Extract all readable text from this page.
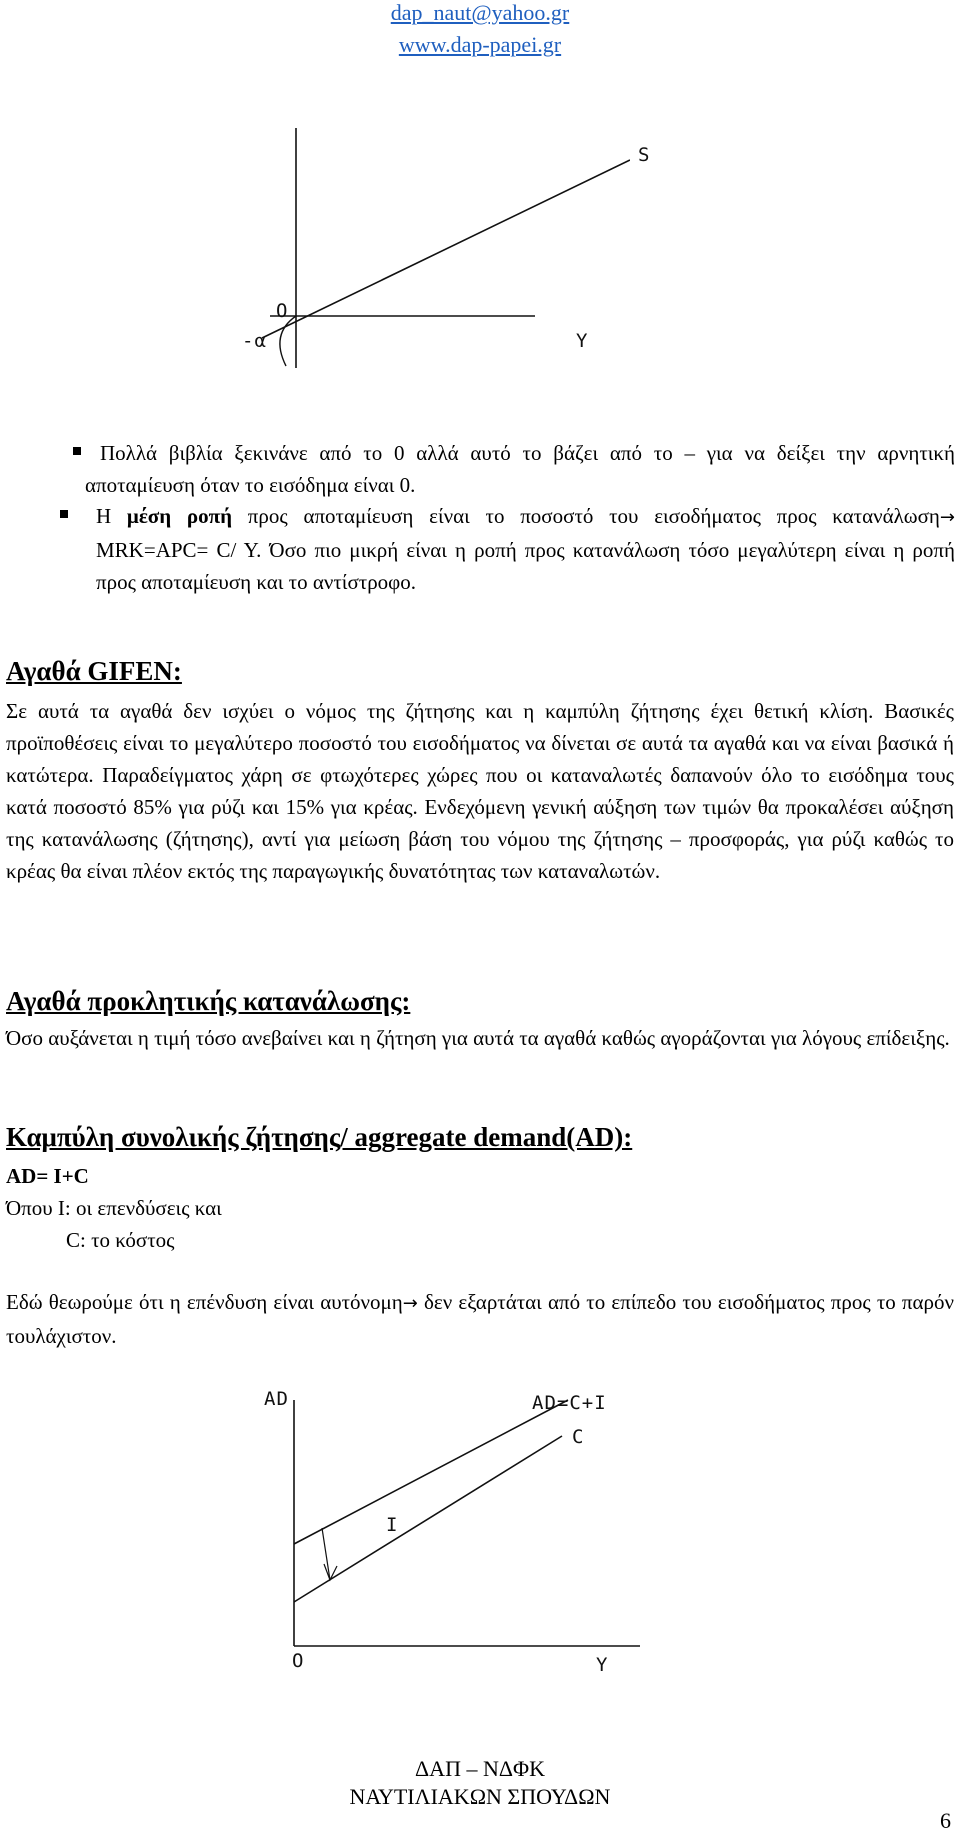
dap_naut@yahoo.gr
www.dap-papei.gr
S
O
-α	Y
Πολλά βιβλία ξεκινάνε από το 0 αλλά αυτό το βάζει από το – για να δείξει την αρνητική αποταμίευση όταν το εισόδημα είναι 0.
Η μέση ροπή προς αποταμίευση είναι το ποσοστό του εισοδήματος προς κατανάλωση→ MRK=APC= C/ Y. Όσο πιο μικρή είναι η ροπή προς κατανάλωση τόσο μεγαλύτερη είναι η ροπή προς αποταμίευση και το αντίστροφο.
Αγαθά GIFEN:
Σε αυτά τα αγαθά δεν ισχύει ο νόμος της ζήτησης και η καμπύλη ζήτησης έχει θετική κλίση. Βασικές προϊποθέσεις είναι το μεγαλύτερο ποσοστό του εισοδήματος να δίνεται σε αυτά τα αγαθά και να είναι βασικά ή κατώτερα. Παραδείγματος χάρη σε φτωχότερες χώρες που οι καταναλωτές δαπανούν όλο το εισόδημα τους κατά ποσοστό 85% για ρύζι και 15% για κρέας. Ενδεχόμενη γενική αύξηση των τιμών θα προκαλέσει αύξηση της κατανάλωσης (ζήτησης), αντί για μείωση βάση του νόμου της ζήτησης – προσφοράς, για ρύζι καθώς το κρέας θα είναι πλέον εκτός της παραγωγικής δυνατότητας των καταναλωτών.
Αγαθά προκλητικής κατανάλωσης:
Όσο αυξάνεται η τιμή τόσο ανεβαίνει και η ζήτηση για αυτά τα αγαθά καθώς αγοράζονται για λόγους επίδειξης.
Καμπύλη συνολικής ζήτησης/ aggregate demand(AD):
AD= I+C
Όπου Ι: οι επενδύσεις και
C: το κόστος
Εδώ θεωρούμε ότι η επένδυση είναι αυτόνομη→ δεν εξαρτάται από το επίπεδο του εισοδήματος προς το παρόν τουλάχιστον.
AD	AD=C+I
C
I
O	Y
ΔΑΠ – ΝΔΦΚ
ΝΑΥΤΙΛΙΑΚΩΝ ΣΠΟΥΔΩΝ
6
